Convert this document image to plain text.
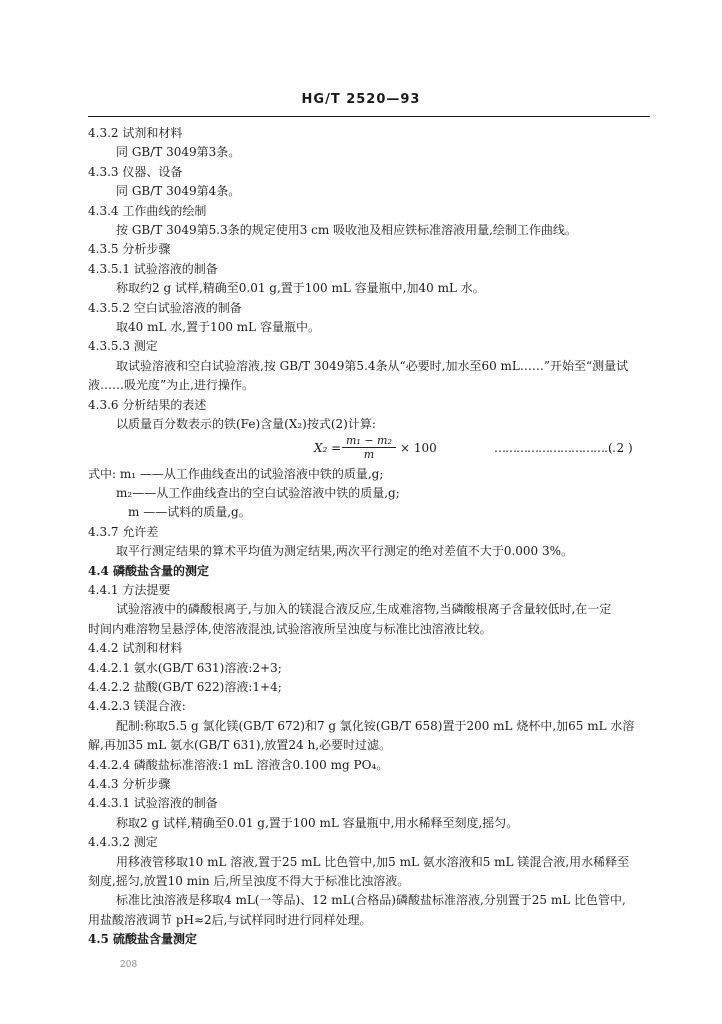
HG/T 2520—93
4.3.2 试剂和材料
同 GB/T 3049第3条。
4.3.3 仪器、设备
同 GB/T 3049第4条。
4.3.4 工作曲线的绘制
按 GB/T 3049第5.3条的规定使用3 cm 吸收池及相应铁标准溶液用量,绘制工作曲线。
4.3.5 分析步骤
4.3.5.1 试验溶液的制备
称取约2 g 试样,精确至0.01 g,置于100 mL 容量瓶中,加40 mL 水。
4.3.5.2 空白试验溶液的制备
取40 mL 水,置于100 mL 容量瓶中。
4.3.5.3 测定
取试验溶液和空白试验溶液,按 GB/T 3049第5.4条从“必要时,加水至60 mL……”开始至“测量试
液……吸光度”为止,进行操作。
4.3.6 分析结果的表述
以质量百分数表示的铁(Fe)含量(X₂)按式(2)计算:
$X_2 = \frac{\text{m₁ − m₂}}{m} \times 100$	……………………………
( 2 )
式中: m₁ ——从工作曲线查出的试验溶液中铁的质量,g;
m₂——从工作曲线查出的空白试验溶液中铁的质量,g;
m ——试料的质量,g。
4.3.7 允许差
取平行测定结果的算术平均值为测定结果,两次平行测定的绝对差值不大于0.000 3%。
4.4 磷酸盐含量的测定
4.4.1 方法提要
试验溶液中的磷酸根离子,与加入的镁混合液反应,生成难溶物,当磷酸根离子含量较低时,在一定
时间内难溶物呈悬浮体,使溶液混浊,试验溶液所呈浊度与标准比浊溶液比较。
4.4.2 试剂和材料
4.4.2.1 氨水(GB/T 631)溶液:2+3;
4.4.2.2 盐酸(GB/T 622)溶液:1+4;
4.4.2.3 镁混合液:
配制:称取5.5 g 氯化镁(GB/T 672)和7 g 氯化铵(GB/T 658)置于200 mL 烧杯中,加65 mL 水溶
解,再加35 mL 氨水(GB/T 631),放置24 h,必要时过滤。
4.4.2.4 磷酸盐标准溶液:1 mL 溶液含0.100 mg PO₄。
4.4.3 分析步骤
4.4.3.1 试验溶液的制备
称取2 g 试样,精确至0.01 g,置于100 mL 容量瓶中,用水稀释至刻度,摇匀。
4.4.3.2 测定
用移液管移取10 mL 溶液,置于25 mL 比色管中,加5 mL 氨水溶液和5 mL 镁混合液,用水稀释至
刻度,摇匀,放置10 min 后,所呈浊度不得大于标准比浊溶液。
标准比浊溶液是移取4 mL(一等品)、12 mL(合格品)磷酸盐标准溶液,分别置于25 mL 比色管中,
用盐酸溶液调节 pH≈2后,与试样同时进行同样处理。
4.5 硫酸盐含量测定
208
